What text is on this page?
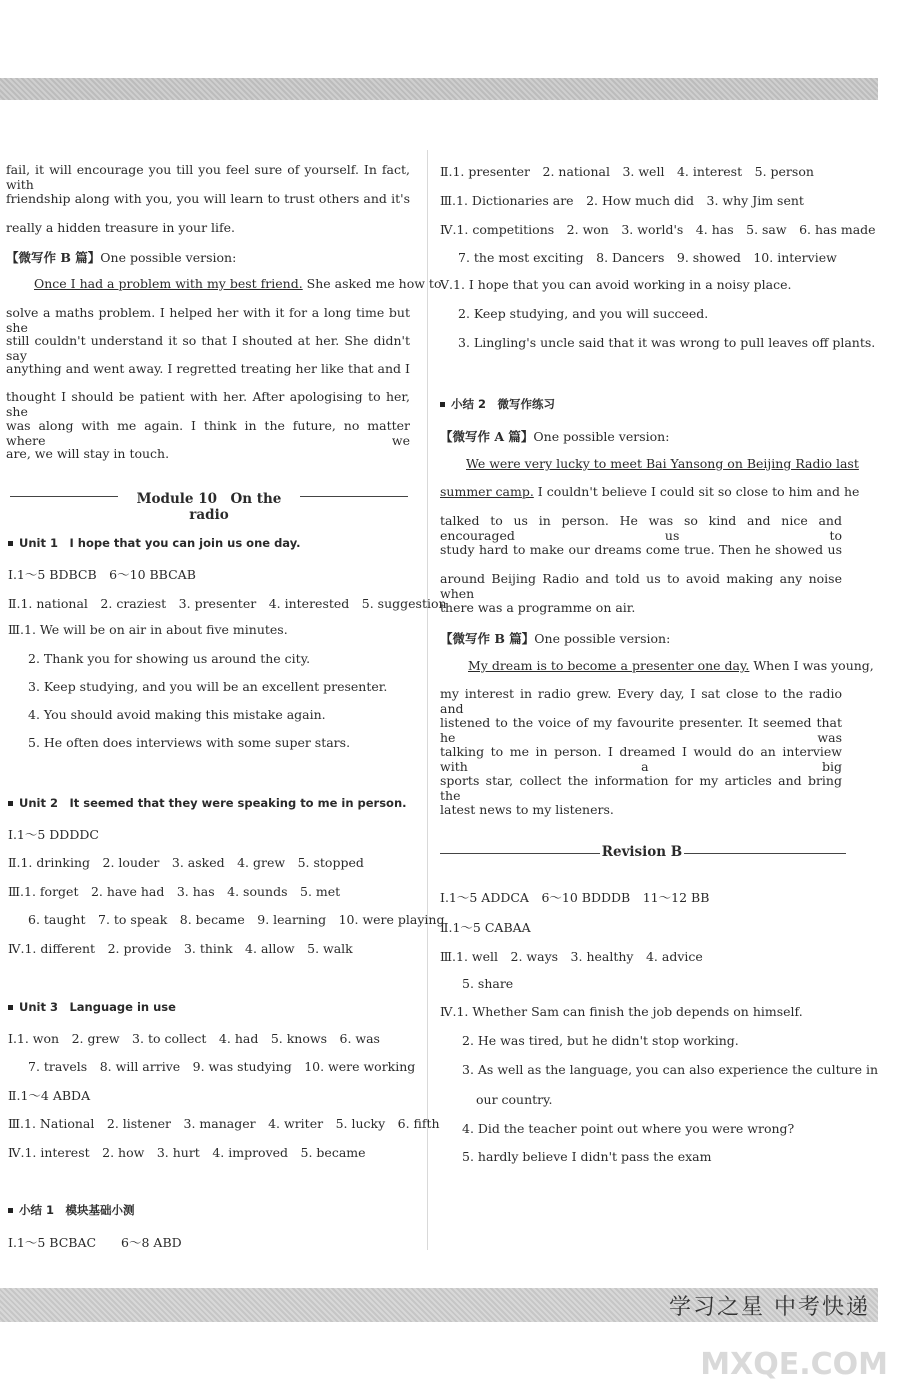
fail, it will encourage you till you feel sure of yourself. In fact, with
friendship along with you, you will learn to trust others and it's
really a hidden treasure in your life.
【微写作 B 篇】One possible version:
Once I had a problem with my best friend. She asked me how to
solve a maths problem. I helped her with it for a long time but she
still couldn't understand it so that I shouted at her. She didn't say
anything and went away. I regretted treating her like that and I
thought I should be patient with her. After apologising to her, she
was along with me again. I think in the future, no matter where we
are, we will stay in touch.
Module 10　On the radio
Unit 1　I hope that you can join us one day.
Ⅰ.1～5 BDBCB　6～10 BBCAB
Ⅱ.1. national　2. craziest　3. presenter　4. interested　5. suggestion
Ⅲ.1. We will be on air in about five minutes.
2. Thank you for showing us around the city.
3. Keep studying, and you will be an excellent presenter.
4. You should avoid making this mistake again.
5. He often does interviews with some super stars.
Unit 2　It seemed that they were speaking to me in person.
Ⅰ.1～5 DDDDC
Ⅱ.1. drinking　2. louder　3. asked　4. grew　5. stopped
Ⅲ.1. forget　2. have had　3. has　4. sounds　5. met
6. taught　7. to speak　8. became　9. learning　10. were playing
Ⅳ.1. different　2. provide　3. think　4. allow　5. walk
Unit 3　Language in use
Ⅰ.1. won　2. grew　3. to collect　4. had　5. knows　6. was
7. travels　8. will arrive　9. was studying　10. were working
Ⅱ.1～4 ABDA
Ⅲ.1. National　2. listener　3. manager　4. writer　5. lucky　6. fifth
Ⅳ.1. interest　2. how　3. hurt　4. improved　5. became
小结 1　模块基础小测
Ⅰ.1～5 BCBAC　　6～8 ABD
Ⅱ.1. presenter　2. national　3. well　4. interest　5. person
Ⅲ.1. Dictionaries are　2. How much did　3. why Jim sent
Ⅳ.1. competitions　2. won　3. world's　4. has　5. saw　6. has made
7. the most exciting　8. Dancers　9. showed　10. interview
Ⅴ.1. I hope that you can avoid working in a noisy place.
2. Keep studying, and you will succeed.
3. Lingling's uncle said that it was wrong to pull leaves off plants.
小结 2　微写作练习
【微写作 A 篇】One possible version:
We were very lucky to meet Bai Yansong on Beijing Radio last
summer camp. I couldn't believe I could sit so close to him and he
talked to us in person. He was so kind and nice and encouraged us to
study hard to make our dreams come true. Then he showed us
around Beijing Radio and told us to avoid making any noise when
there was a programme on air.
【微写作 B 篇】One possible version:
My dream is to become a presenter one day. When I was young,
my interest in radio grew. Every day, I sat close to the radio and
listened to the voice of my favourite presenter. It seemed that he was
talking to me in person. I dreamed I would do an interview with a big
sports star, collect the information for my articles and bring the
latest news to my listeners.
Revision B
Ⅰ.1～5 ADDCA　6～10 BDDDB　11～12 BB
Ⅱ.1～5 CABAA
Ⅲ.1. well　2. ways　3. healthy　4. advice
5. share
Ⅳ.1. Whether Sam can finish the job depends on himself.
2. He was tired, but he didn't stop working.
3. As well as the language, you can also experience the culture in
our country.
4. Did the teacher point out where you were wrong?
5. hardly believe I didn't pass the exam
学习之星 中考快递
MXQE.COM
